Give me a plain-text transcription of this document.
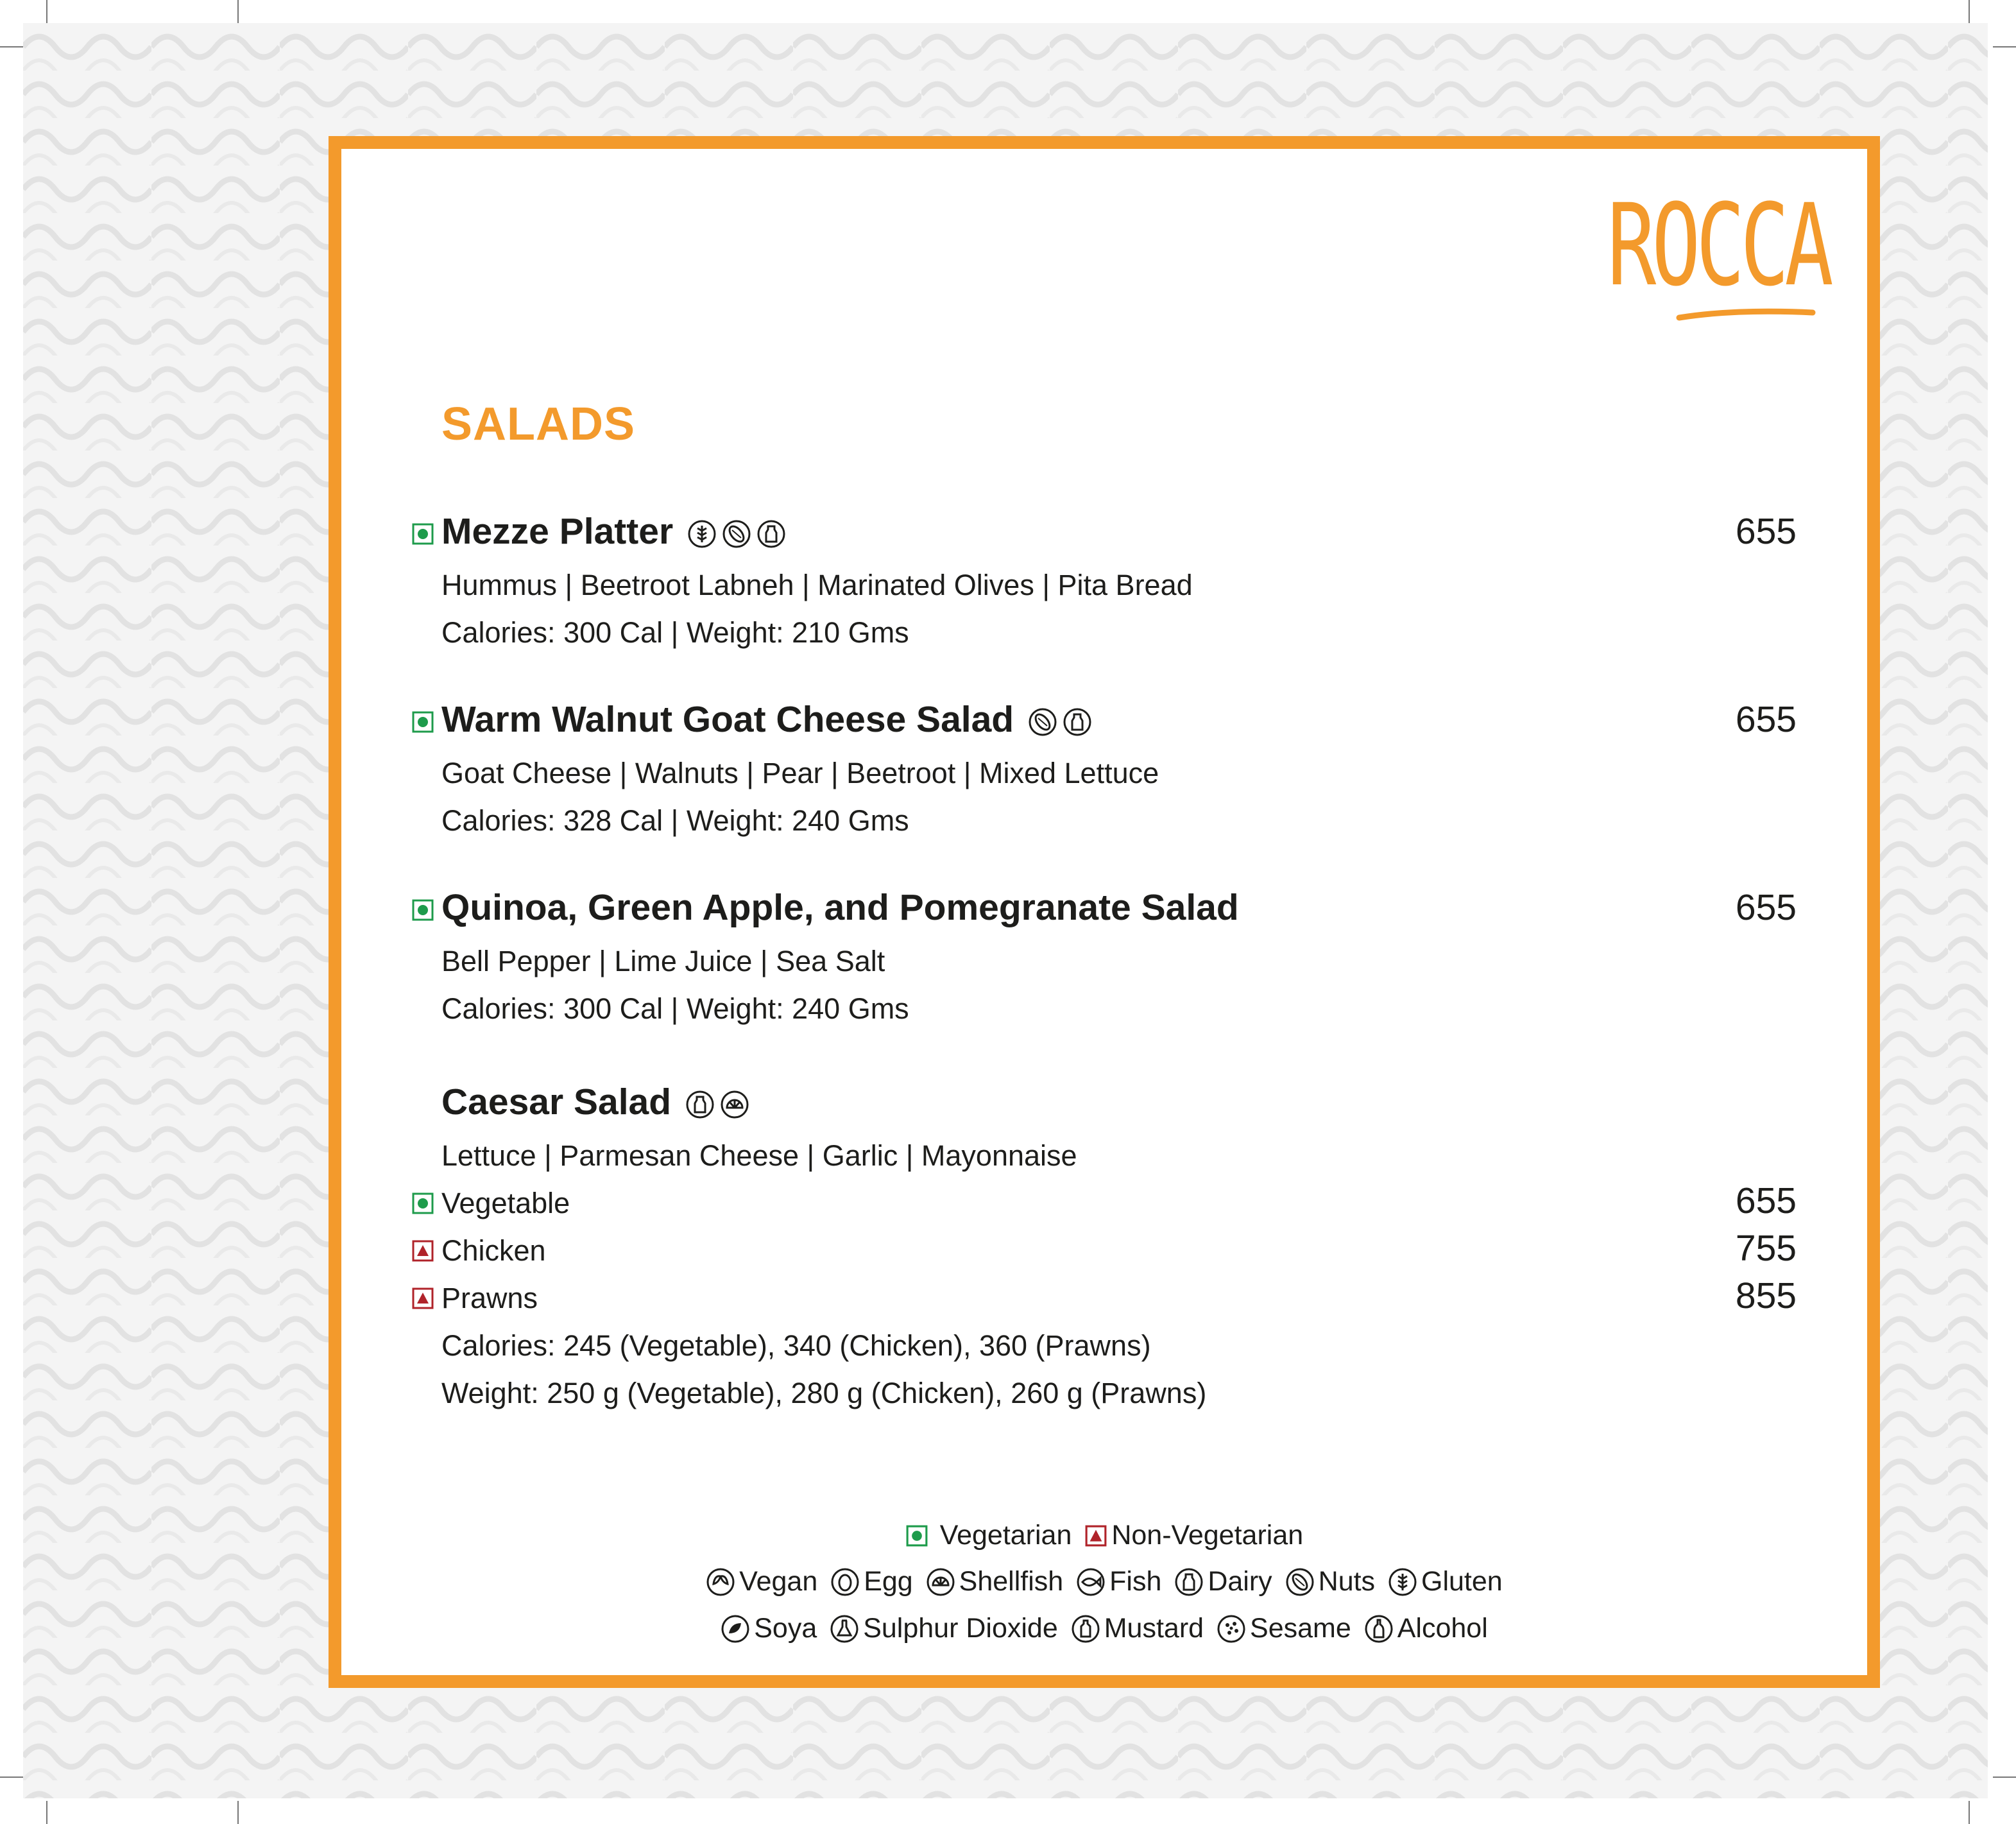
ROCCA
SALADS
Mezze Platter	655
Hummus | Beetroot Labneh | Marinated Olives | Pita Bread
Calories: 300 Cal | Weight: 210 Gms
Warm Walnut Goat Cheese Salad	655
Goat Cheese | Walnuts | Pear | Beetroot | Mixed Lettuce
Calories: 328 Cal | Weight: 240 Gms
Quinoa, Green Apple, and Pomegranate Salad	655
Bell Pepper | Lime Juice | Sea Salt
Calories: 300 Cal | Weight: 240 Gms
Caesar Salad
Lettuce | Parmesan Cheese | Garlic | Mayonnaise
Vegetable	655
Chicken	755
Prawns	855
Calories: 245 (Vegetable), 340 (Chicken), 360 (Prawns)
Weight: 250 g (Vegetable), 280 g (Chicken), 260 g (Prawns)
Vegetarian Non-Vegetarian
Vegan Egg Shellfish Fish Dairy Nuts Gluten
Soya Sulphur Dioxide Mustard Sesame Alcohol
